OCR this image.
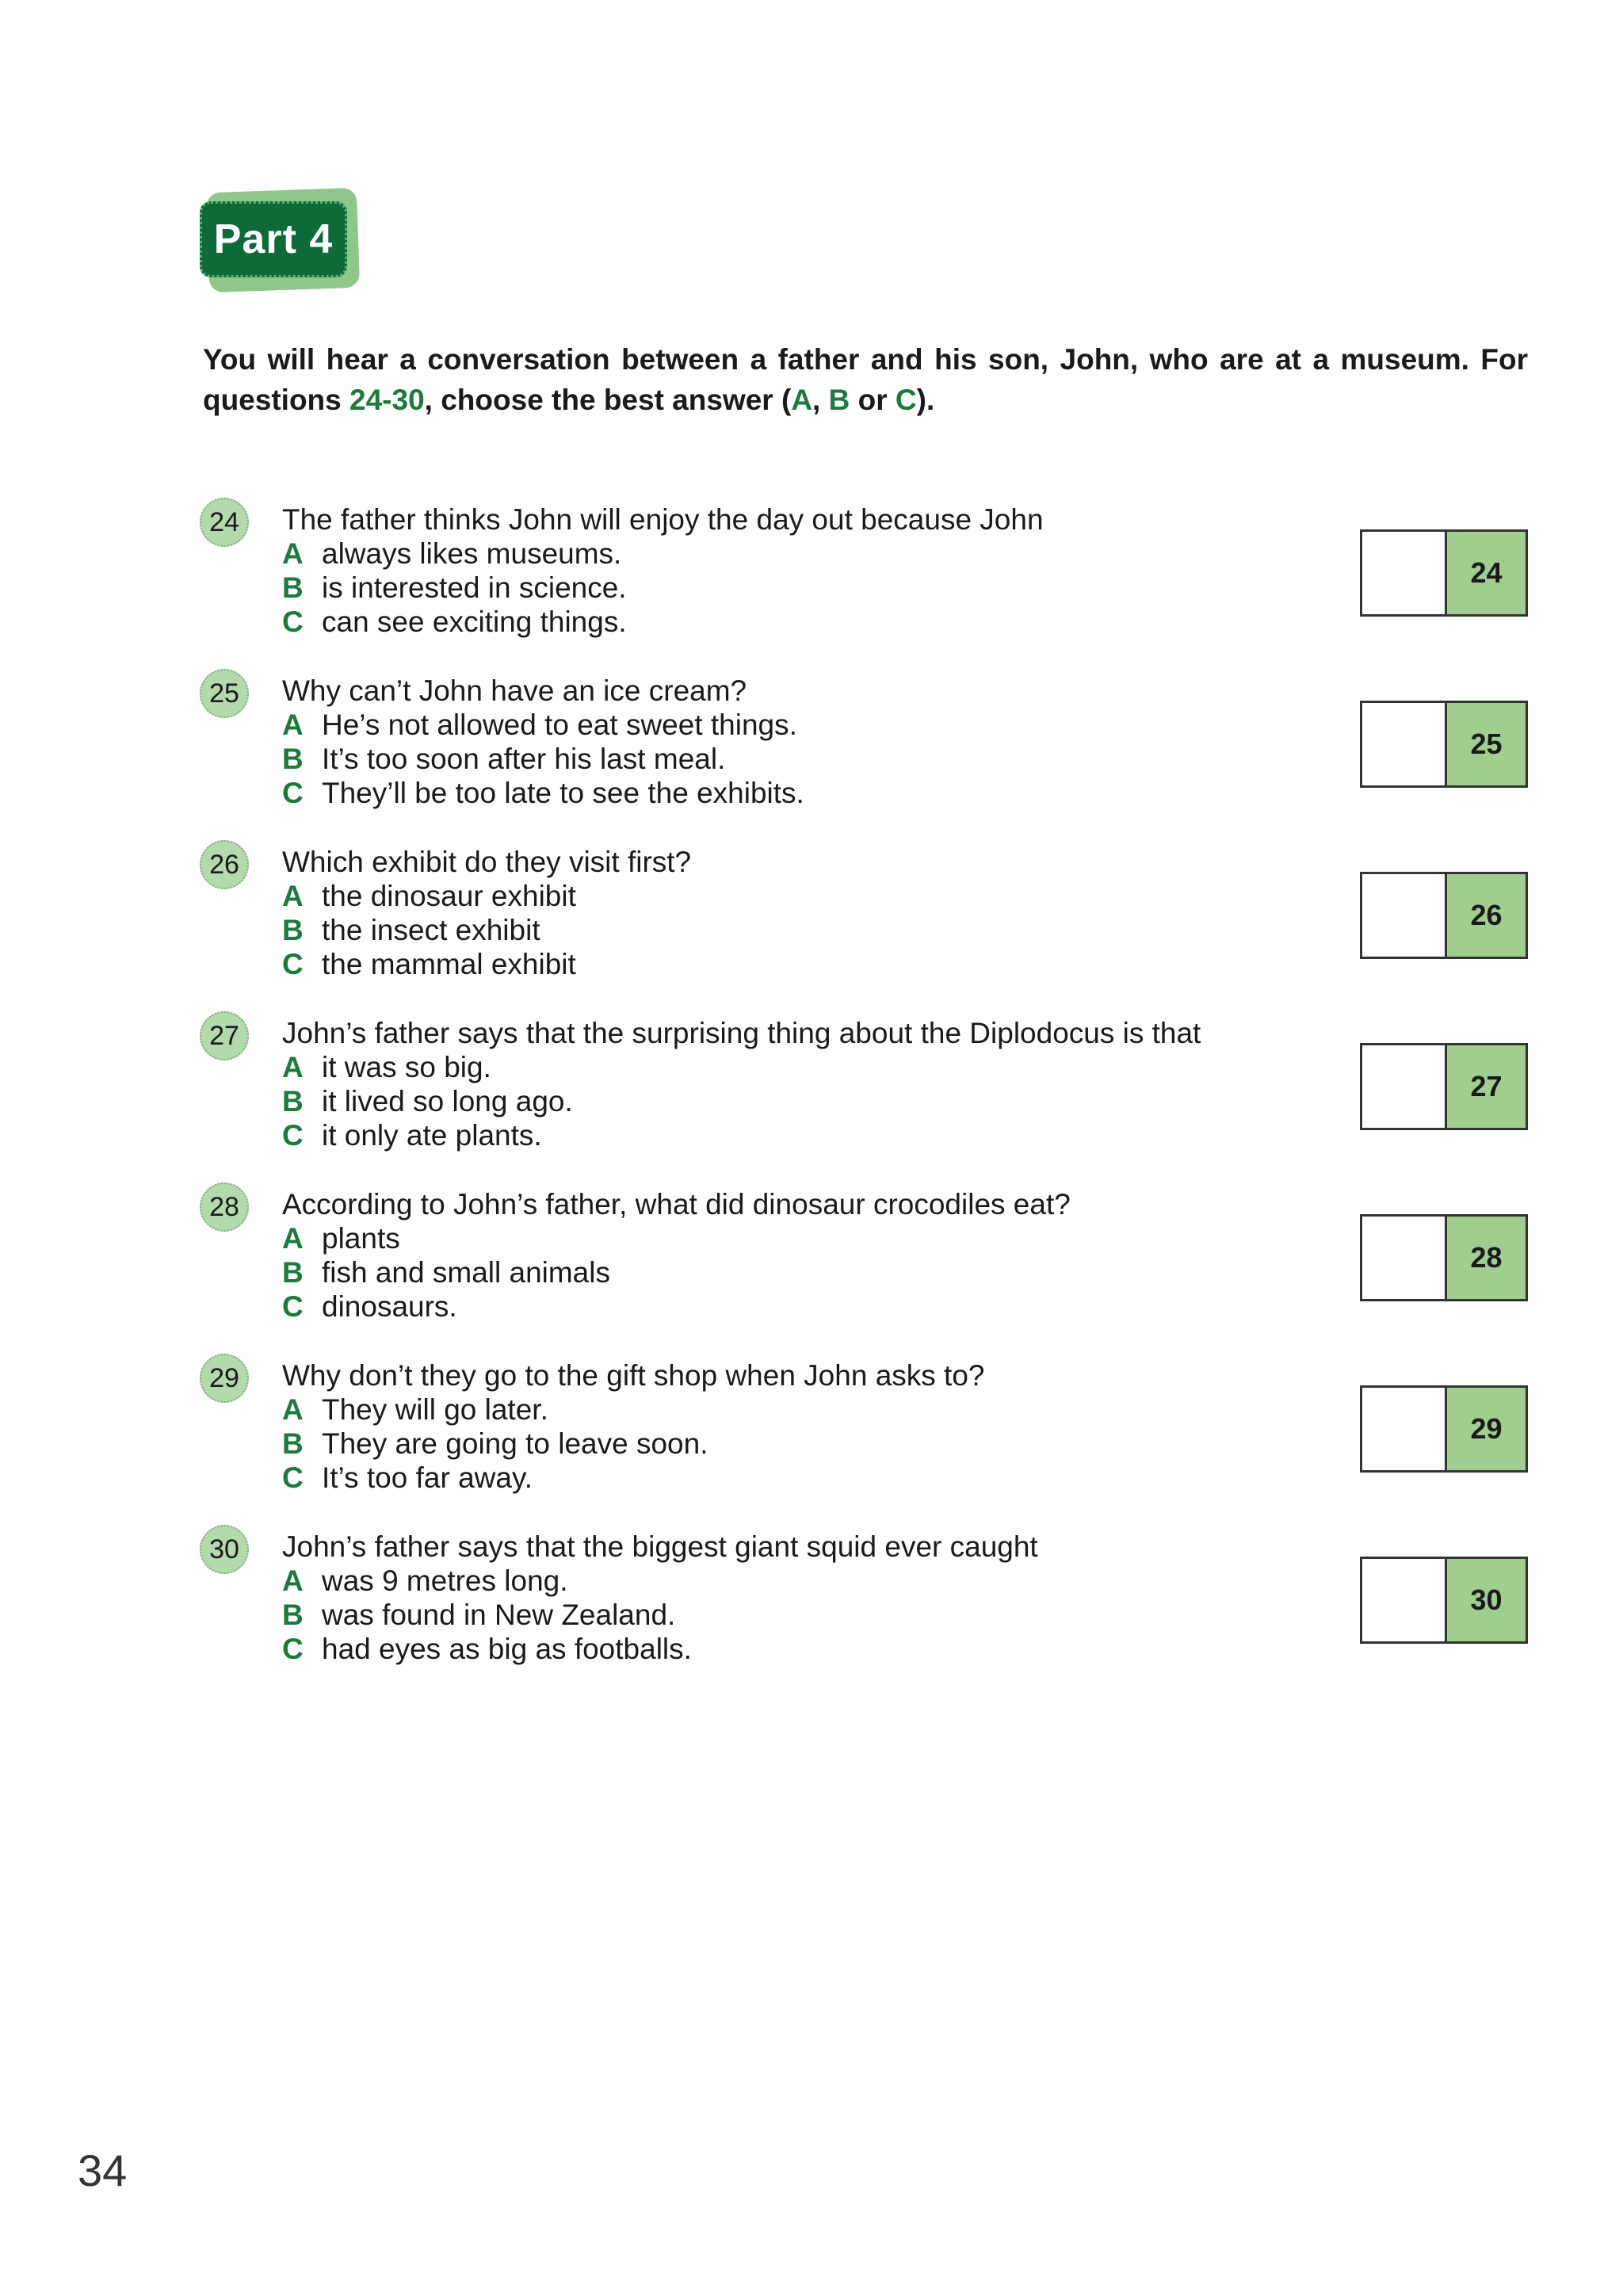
Part 4
You will hear a conversation between a father and his son, John, who are at a museum. For questions 24-30, choose the best answer (A, B or C).
24	The father thinks John will enjoy the day out because John
A always likes museums.
B is interested in science.
C can see exciting things.
24
25	Why can’t John have an ice cream?
A He’s not allowed to eat sweet things.
B It’s too soon after his last meal.
C They’ll be too late to see the exhibits.
25
26	Which exhibit do they visit first?
A the dinosaur exhibit
B the insect exhibit
C the mammal exhibit
26
27	John’s father says that the surprising thing about the Diplodocus is that
A it was so big.
B it lived so long ago.
C it only ate plants.
27
28	According to John’s father, what did dinosaur crocodiles eat?
A plants
B fish and small animals
C dinosaurs.
28
29	Why don’t they go to the gift shop when John asks to?
A They will go later.
B They are going to leave soon.
C It’s too far away.
29
30	John’s father says that the biggest giant squid ever caught
A was 9 metres long.
B was found in New Zealand.
C had eyes as big as footballs.
30
34
